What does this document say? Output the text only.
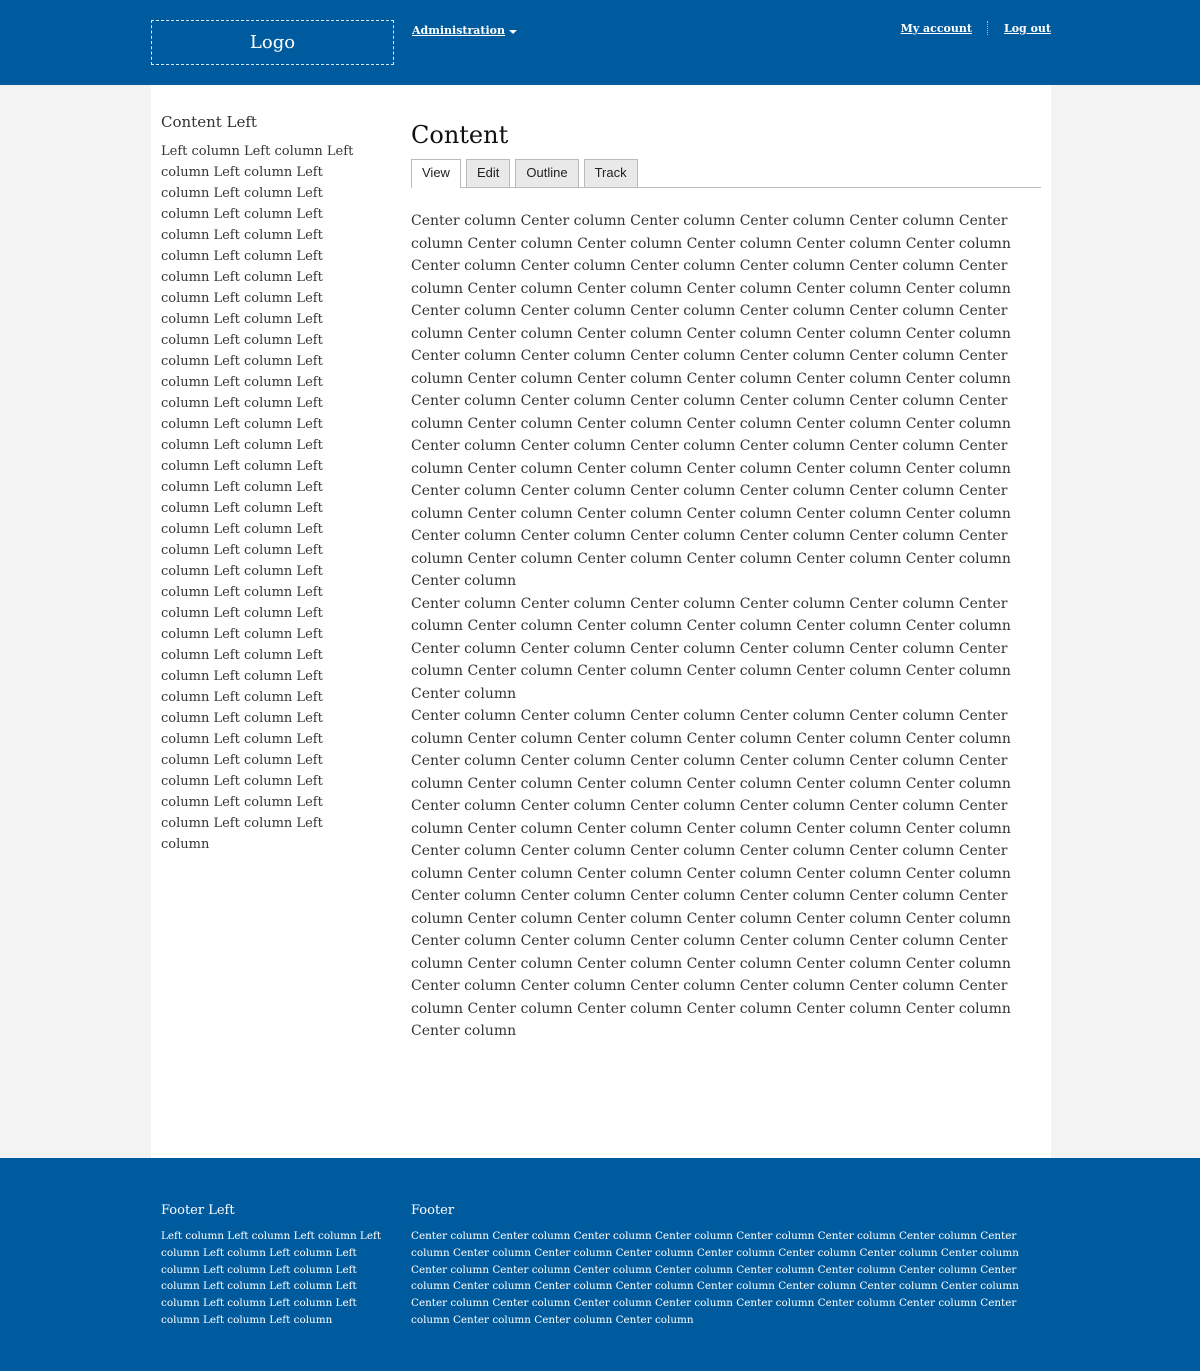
Logo
Administration	My account	Log out
Content Left

Left column Left column Left column Left column Left column Left column Left column Left column Left column Left column Left column Left column Left column Left column Left column Left column Left column Left column Left column Left column Left column Left column Left column Left column Left column Left column Left column Left column Left column Left column Left column Left column Left column Left column Left column Left column Left column Left column Left column Left column Left column Left column Left column Left column Left column Left column Left column Left column Left column Left column Left column Left column Left column Left column Left column Left column Left column Left column Left column Left column Left column Left column Left column Left column Left column Left column Left column

Content
View	Edit	Outline	Track

Center column Center column Center column Center column Center column Center column Center column Center column Center column Center column Center column Center column Center column Center column Center column Center column Center column Center column Center column Center column Center column Center column Center column Center column Center column Center column Center column Center column Center column Center column Center column Center column Center column Center column Center column Center column Center column Center column Center column Center column Center column Center column Center column Center column Center column Center column Center column Center column Center column Center column Center column Center column Center column Center column Center column Center column Center column Center column Center column Center column Center column Center column Center column Center column Center column Center column Center column Center column Center column Center column Center column Center column Center column Center column Center column Center column Center column Center column Center column Center column Center column Center column Center column Center column Center column Center column Center column Center column Center column

Center column Center column Center column Center column Center column Center column Center column Center column Center column Center column Center column Center column Center column Center column Center column Center column Center column Center column Center column Center column Center column Center column Center column

Center column Center column Center column Center column Center column Center column Center column Center column Center column Center column Center column Center column Center column Center column Center column Center column Center column Center column Center column Center column Center column Center column Center column Center column Center column Center column Center column Center column Center column Center column Center column Center column Center column Center column Center column Center column Center column Center column Center column Center column Center column Center column Center column Center column Center column Center column Center column Center column Center column Center column Center column Center column Center column Center column Center column Center column Center column Center column Center column Center column Center column Center column Center column Center column Center column Center column Center column Center column Center column Center column Center column Center column Center column Center column Center column Center column Center column Center column

Footer Left

Left column Left column Left column Left column Left column Left column Left column Left column Left column Left column Left column Left column Left column Left column Left column Left column Left column Left column

Footer

Center column Center column Center column Center column Center column Center column Center column Center column Center column Center column Center column Center column Center column Center column Center column Center column Center column Center column Center column Center column Center column Center column Center column Center column Center column Center column Center column Center column Center column Center column Center column Center column Center column Center column Center column Center column Center column Center column Center column Center column Center column
